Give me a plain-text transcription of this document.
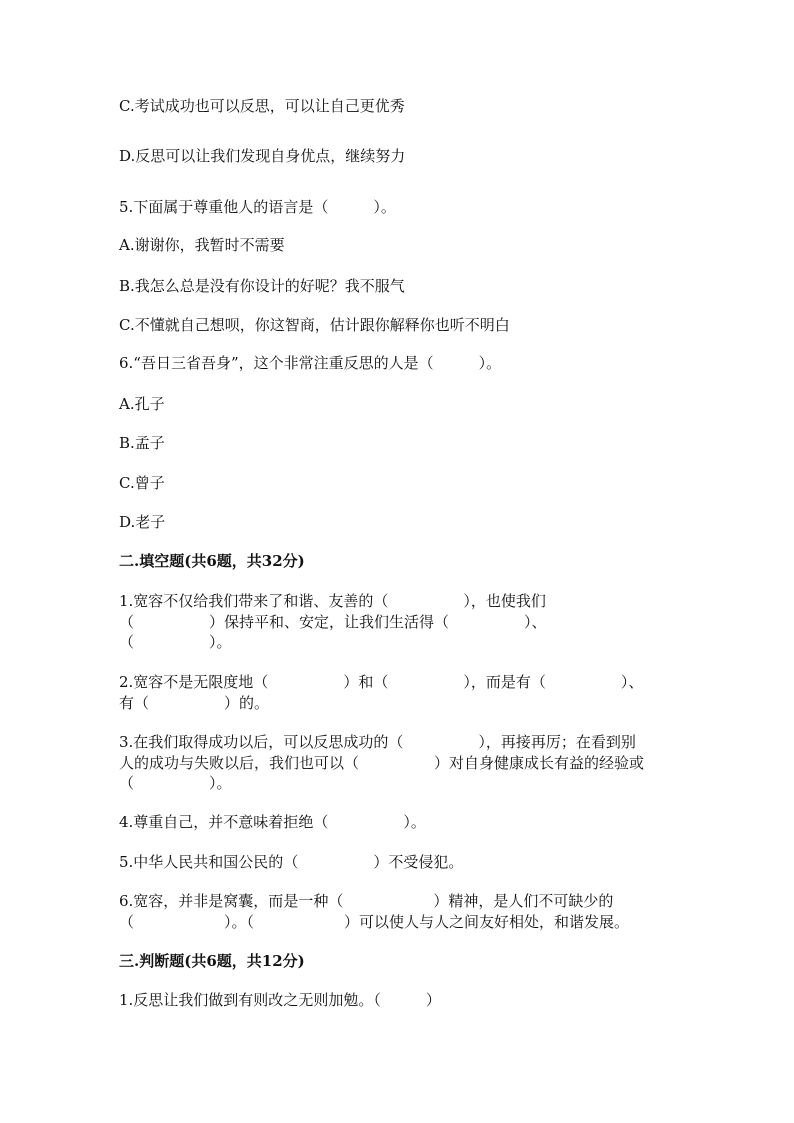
C.考试成功也可以反思，可以让自己更优秀
D.反思可以让我们发现自身优点，继续努力
5.下面属于尊重他人的语言是（　　　）。
A.谢谢你，我暂时不需要
B.我怎么总是没有你设计的好呢？我不服气
C.不懂就自己想呗，你这智商，估计跟你解释你也听不明白
6.“吾日三省吾身”，这个非常注重反思的人是（　　　）。
A.孔子
B.孟子
C.曾子
D.老子
二.填空题(共6题，共32分)
1.宽容不仅给我们带来了和谐、友善的（　　　　　），也使我们
（　　　　　）保持平和、安定，让我们生活得（　　　　　）、
（　　　　　）。
2.宽容不是无限度地（　　　　　）和（　　　　　），而是有（　　　　　）、
有（　　　　　）的。
3.在我们取得成功以后，可以反思成功的（　　　　　），再接再厉；在看到别
人的成功与失败以后，我们也可以（　　　　　）对自身健康成长有益的经验或
（　　　　　）。
4.尊重自己，并不意味着拒绝（　　　　　）。
5.中华人民共和国公民的（　　　　　）不受侵犯。
6.宽容，并非是窝囊，而是一种（　　　　　　）精神，是人们不可缺少的
（　　　　　　）。（　　　　　　）可以使人与人之间友好相处，和谐发展。
三.判断题(共6题，共12分)
1.反思让我们做到有则改之无则加勉。（　　　）
